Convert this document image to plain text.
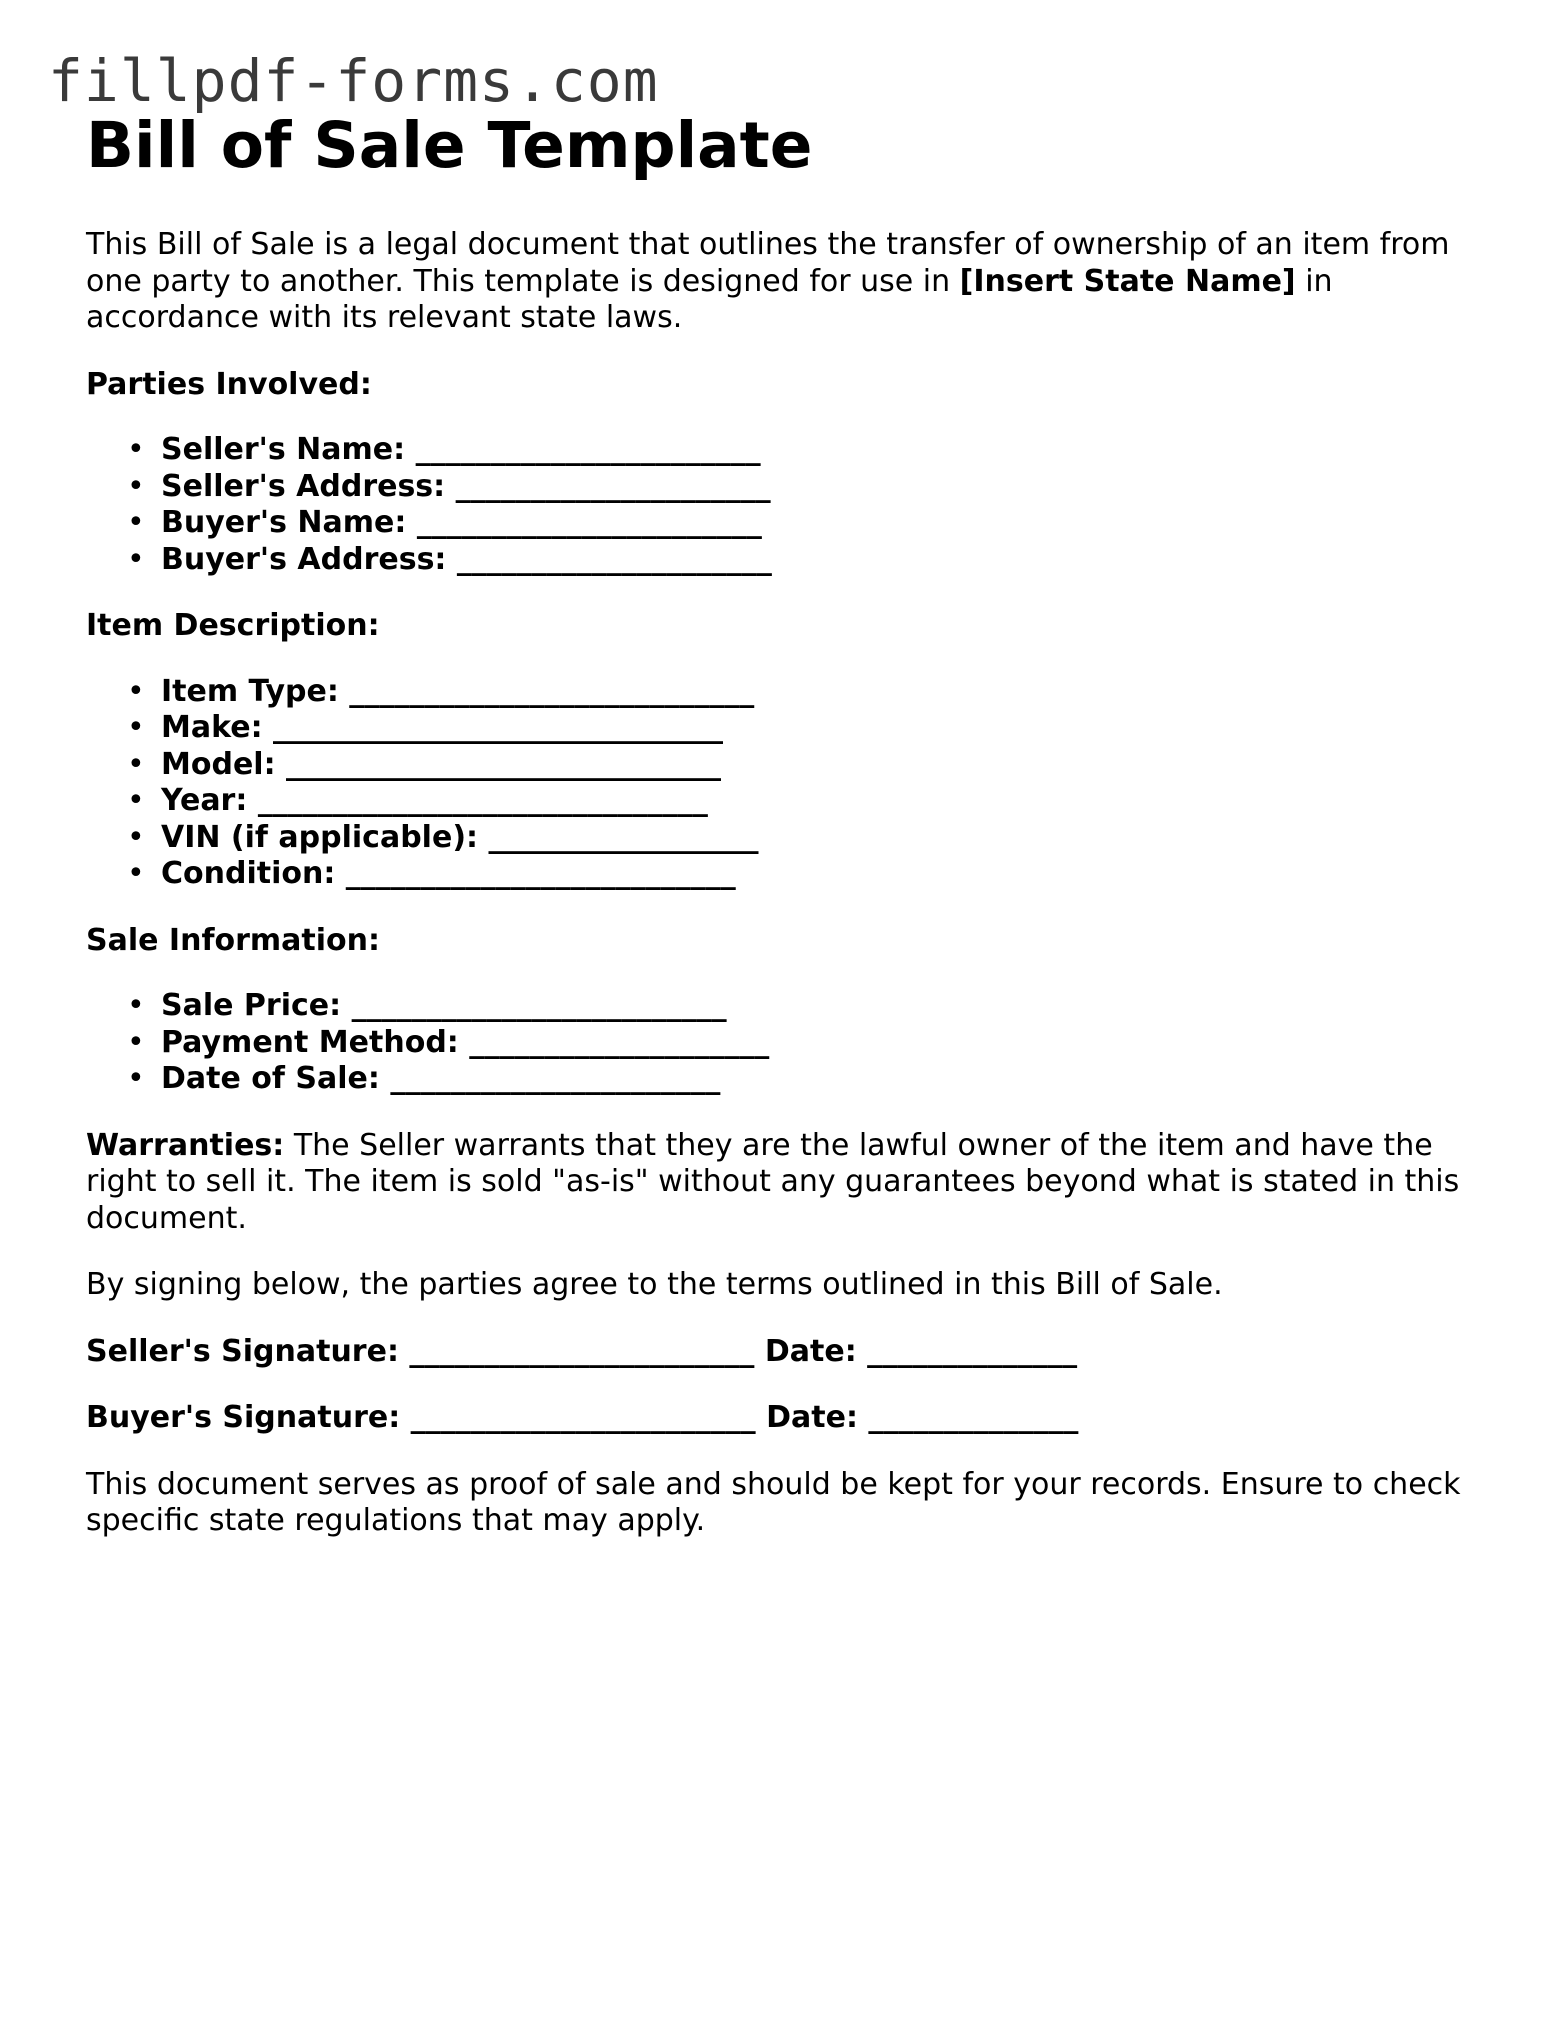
fillpdf-forms.com
Bill of Sale Template

This Bill of Sale is a legal document that outlines the transfer of ownership of an item from one party to another. This template is designed for use in [Insert State Name] in accordance with its relevant state laws.

Parties Involved:
• Seller's Name: _______________________
• Seller's Address: _____________________
• Buyer's Name: _______________________
• Buyer's Address: _____________________
Item Description:
• Item Type: ___________________________
• Make: ______________________________
• Model: _____________________________
• Year: ______________________________
• VIN (if applicable): __________________
• Condition: __________________________
Sale Information:
• Sale Price: _________________________
• Payment Method: ____________________
• Date of Sale: ______________________

Warranties: The Seller warrants that they are the lawful owner of the item and have the right to sell it. The item is sold "as-is" without any guarantees beyond what is stated in this document.

By signing below, the parties agree to the terms outlined in this Bill of Sale.

Seller's Signature: _______________________ Date: ______________
Buyer's Signature: _______________________ Date: ______________

This document serves as proof of sale and should be kept for your records. Ensure to check specific state regulations that may apply.
